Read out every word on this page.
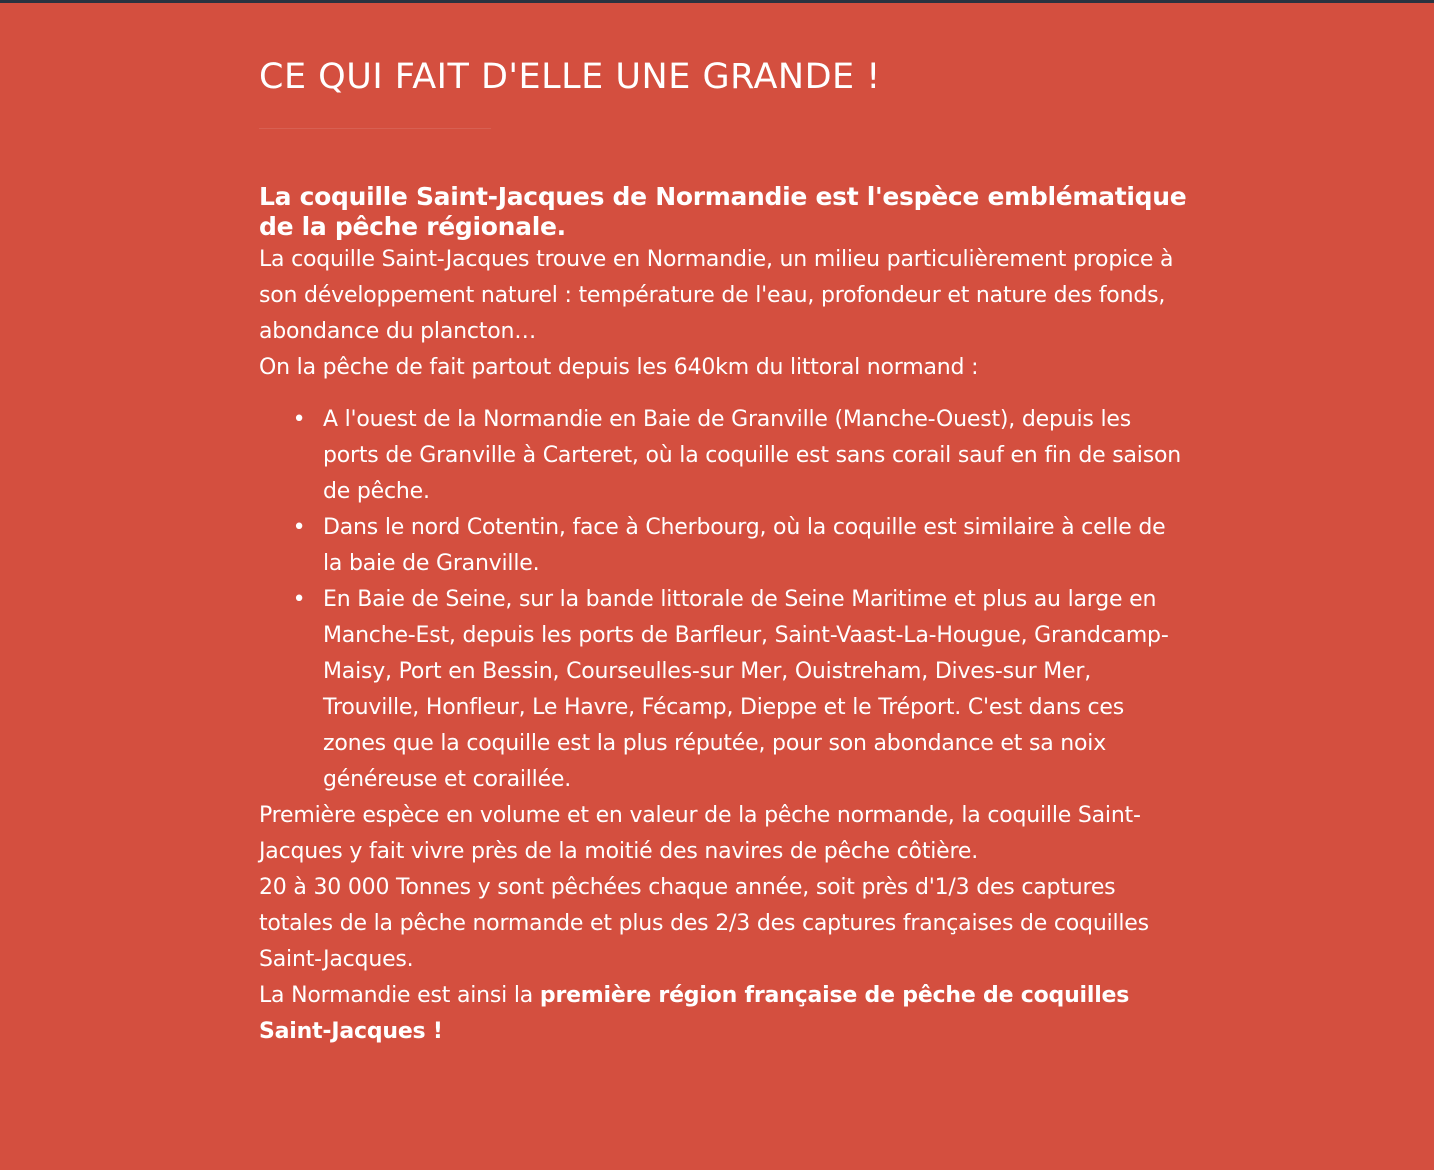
CE QUI FAIT D'ELLE UNE GRANDE !
La coquille Saint-Jacques de Normandie est l'espèce emblématique de la pêche régionale.

La coquille Saint-Jacques trouve en Normandie, un milieu particulièrement propice à son développement naturel : température de l'eau, profondeur et nature des fonds, abondance du plancton…

On la pêche de fait partout depuis les 640km du littoral normand :

• A l'ouest de la Normandie en Baie de Granville (Manche-Ouest), depuis les ports de Granville à Carteret, où la coquille est sans corail sauf en fin de saison de pêche.
• Dans le nord Cotentin, face à Cherbourg, où la coquille est similaire à celle de la baie de Granville.
• En Baie de Seine, sur la bande littorale de Seine Maritime et plus au large en Manche-Est, depuis les ports de Barfleur, Saint-Vaast-La-Hougue, Grandcamp-Maisy, Port en Bessin, Courseulles-sur Mer, Ouistreham, Dives-sur Mer, Trouville, Honfleur, Le Havre, Fécamp, Dieppe et le Tréport. C'est dans ces zones que la coquille est la plus réputée, pour son abondance et sa noix généreuse et coraillée.

Première espèce en volume et en valeur de la pêche normande, la coquille Saint-Jacques y fait vivre près de la moitié des navires de pêche côtière.

20 à 30 000 Tonnes y sont pêchées chaque année, soit près d'1/3 des captures totales de la pêche normande et plus des 2/3 des captures françaises de coquilles Saint-Jacques.

La Normandie est ainsi la première région française de pêche de coquilles Saint-Jacques !
